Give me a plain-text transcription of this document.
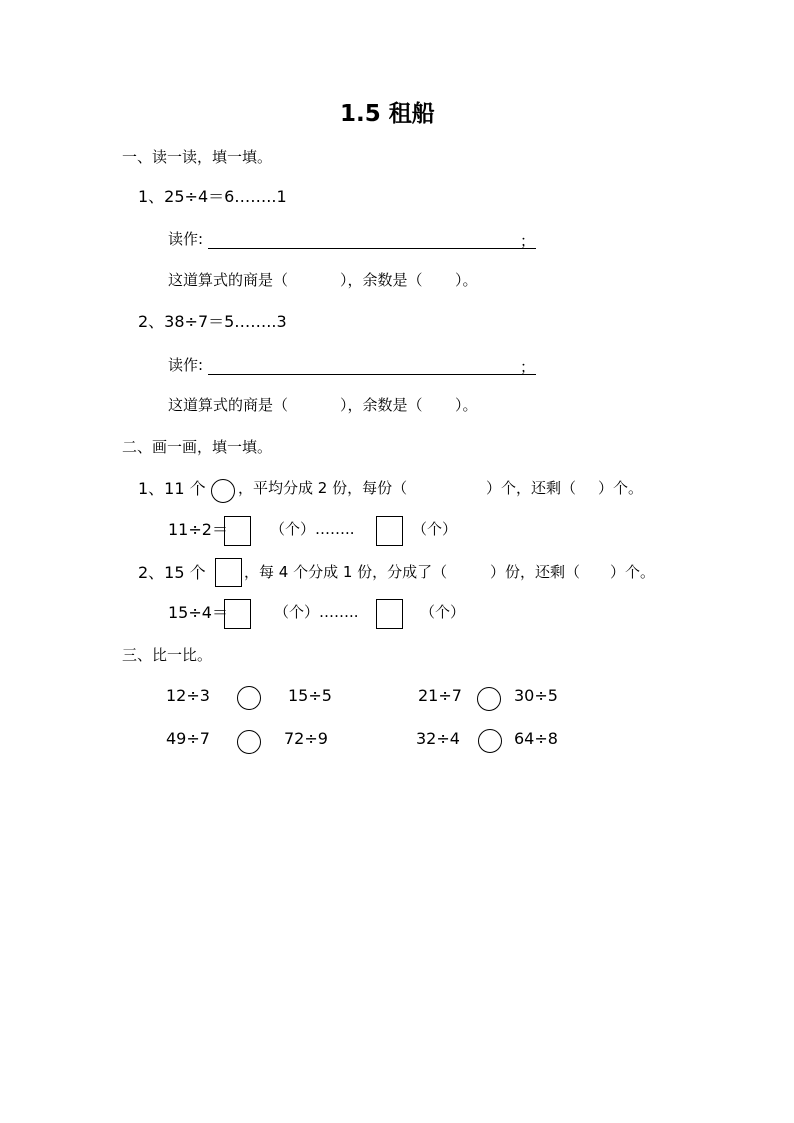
1.5 租船
一、读一读，填一填。
1、25÷4＝6……..1
读作:	；
这道算式的商是（	），余数是（ ）。
2、38÷7＝5……..3
读作:	；
这道算式的商是（	），余数是（ ）。
二、画一画，填一填。
1、11 个 ，平均分成 2 份，每份（	）个，还剩（ ）个。
11÷2＝	（个）……..	（个）
2、15 个	，每 4 个分成 1 份，分成了（	）份，还剩（ ）个。
15÷4＝	（个）……..	（个）
三、比一比。
12÷3	15÷5	21÷7	30÷5
49÷7	72÷9	32÷4	64÷8
